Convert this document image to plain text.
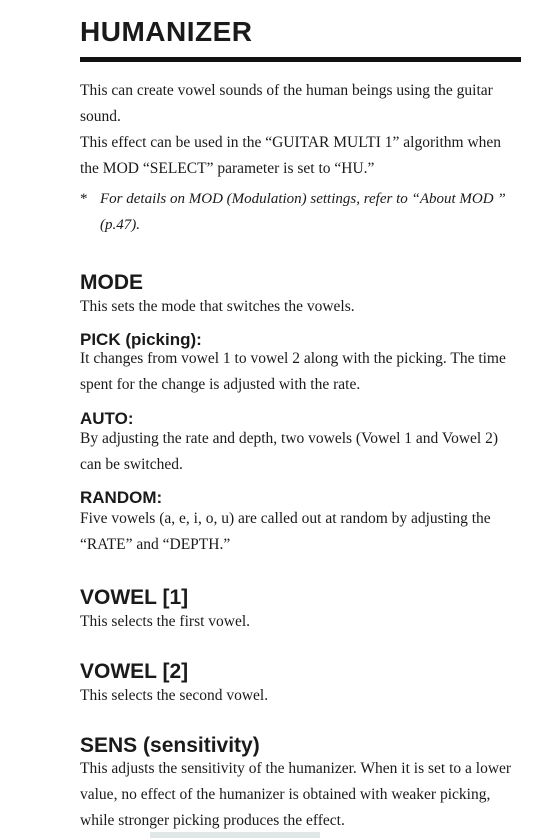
HUMANIZER
This can create vowel sounds of the human beings using the guitar sound.
This effect can be used in the “GUITAR MULTI 1” algorithm when the MOD “SELECT” parameter is set to “HU.”
* For details on MOD (Modulation) settings, refer to “About MOD ” (p.47).
MODE
This sets the mode that switches the vowels.
PICK (picking):
It changes from vowel 1 to vowel 2 along with the picking. The time spent for the change is adjusted with the rate.
AUTO:
By adjusting the rate and depth, two vowels (Vowel 1 and Vowel 2) can be switched.
RANDOM:
Five vowels (a, e, i, o, u) are called out at random by adjusting the “RATE” and “DEPTH.”
VOWEL [1]
This selects the first vowel.
VOWEL [2]
This selects the second vowel.
SENS (sensitivity)
This adjusts the sensitivity of the humanizer. When it is set to a lower value, no effect of the humanizer is obtained with weaker picking, while stronger picking produces the effect.
